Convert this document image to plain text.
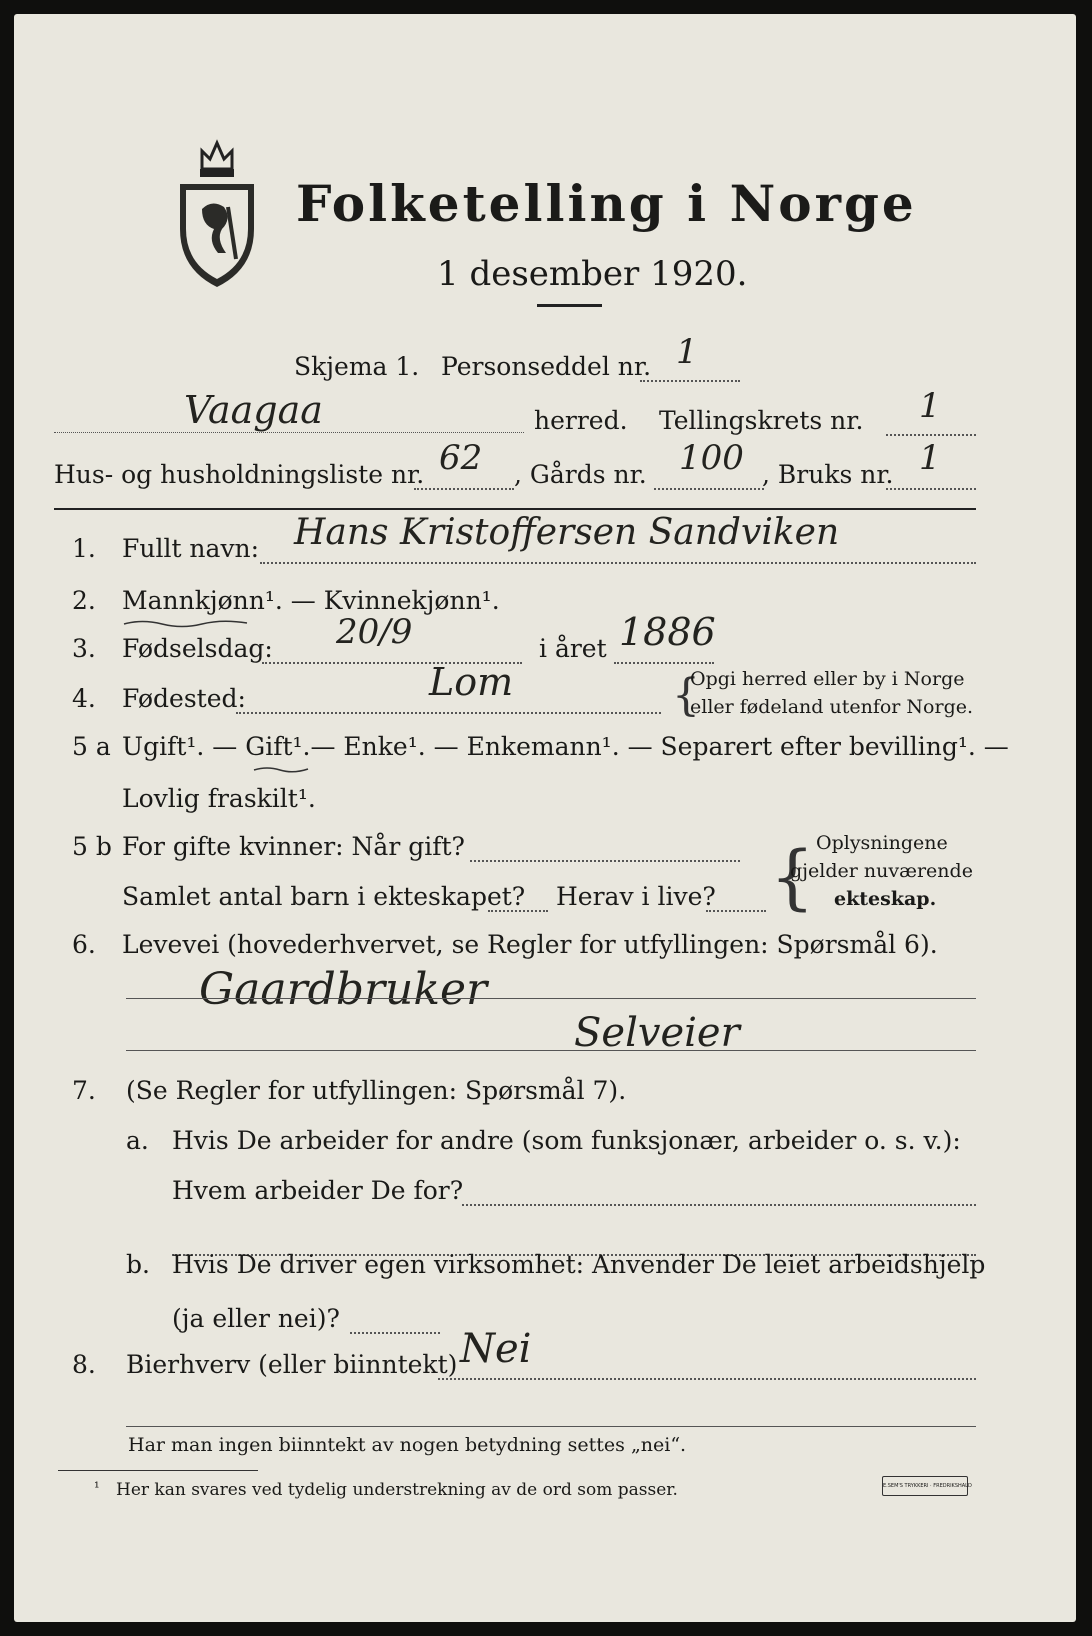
Folketelling i Norge
1 desember 1920.
Skjema 1. Personseddel nr. 1
Vaagaa	herred. Tellingskrets nr. 1
Hus- og husholdningsliste nr. 62 , Gårds nr. 100 , Bruks nr. 1
1. Fullt navn: Hans Kristoffersen Sandviken
2. Mannkjønn¹. — Kvinnekjønn¹.
3. Fødselsdag: 20/9	i året 1886
4. Fødested:	Lom	{
Opgi herred eller by i Norge
eller fødeland utenfor Norge.
5 a Ugift¹. — Gift¹.— Enke¹. — Enkemann¹. — Separert efter bevilling¹. —
Lovlig fraskilt¹.
5 b For gifte kvinner: Når gift?
Samlet antal barn i ekteskapet? Herav i live? { Oplysningene
gjelder nuværende
ekteskap.
6. Levevei (hovederhvervet, se Regler for utfyllingen: Spørsmål 6).
Gaardbruker
Selveier
7. (Se Regler for utfyllingen: Spørsmål 7).
a. Hvis De arbeider for andre (som funksjonær, arbeider o. s. v.):
Hvem arbeider De for?
b. Hvis De driver egen virksomhet: Anvender De leiet arbeidshjelp
(ja eller nei)?
8. Bierhverv (eller biinntekt) Nei
Har man ingen biinntekt av nogen betydning settes „nei“.
¹ Her kan svares ved tydelig understrekning av de ord som passer.	E.SEM'S TRYKKERI · FREDRIKSHALD
